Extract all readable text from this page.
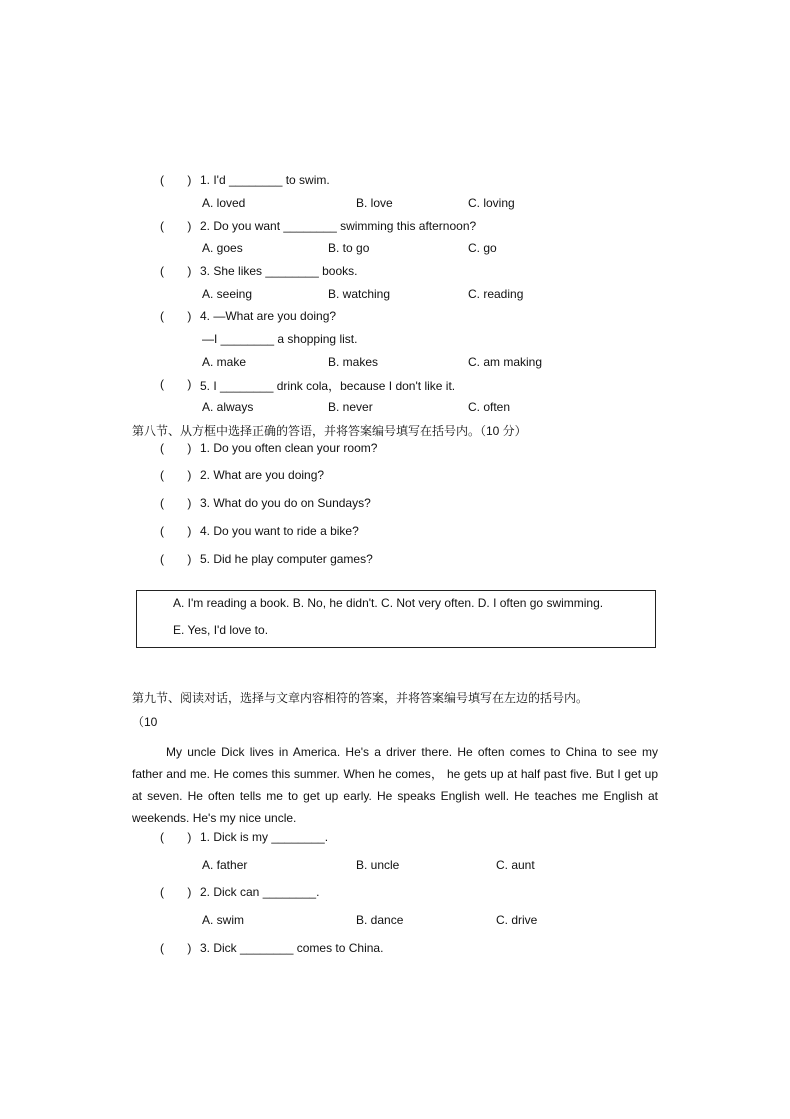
(       ) 1. I'd ________ to swim.
A. loved	B. love	C. loving
(       ) 2. Do you want ________ swimming this afternoon?
A. goes	B. to go	C. go
(       ) 3. She likes ________ books.
A. seeing	B. watching	C. reading
(       ) 4. —What are you doing?
—I ________ a shopping list.
A. make	B. makes	C. am making
(       ) 5. I ________ drink cola，because I don't like it.
A. always	B. never	C. often
第八节、从方框中选择正确的答语，并将答案编号填写在括号内。（10 分）
(       ) 1. Do you often clean your room?
(       ) 2. What are you doing?
(       ) 3. What do you do on Sundays?
(       ) 4. Do you want to ride a bike?
(       ) 5. Did he play computer games?
A. I'm reading a book. B. No, he didn't. C. Not very often. D. I often go swimming.
E. Yes, I'd love to.
第九节、阅读对话，选择与文章内容相符的答案，并将答案编号填写在左边的括号内。
（10
My uncle Dick lives in America. He's a driver there. He often comes to China to see my father and me. He comes this summer. When he comes， he gets up at half past five. But I get up at seven. He often tells me to get up early. He speaks English well. He teaches me English at weekends. He's my nice uncle.
(       ) 1. Dick is my ________.
A. father	B. uncle	C. aunt
(       ) 2. Dick can ________.
A. swim	B. dance	C. drive
(       ) 3. Dick ________ comes to China.
